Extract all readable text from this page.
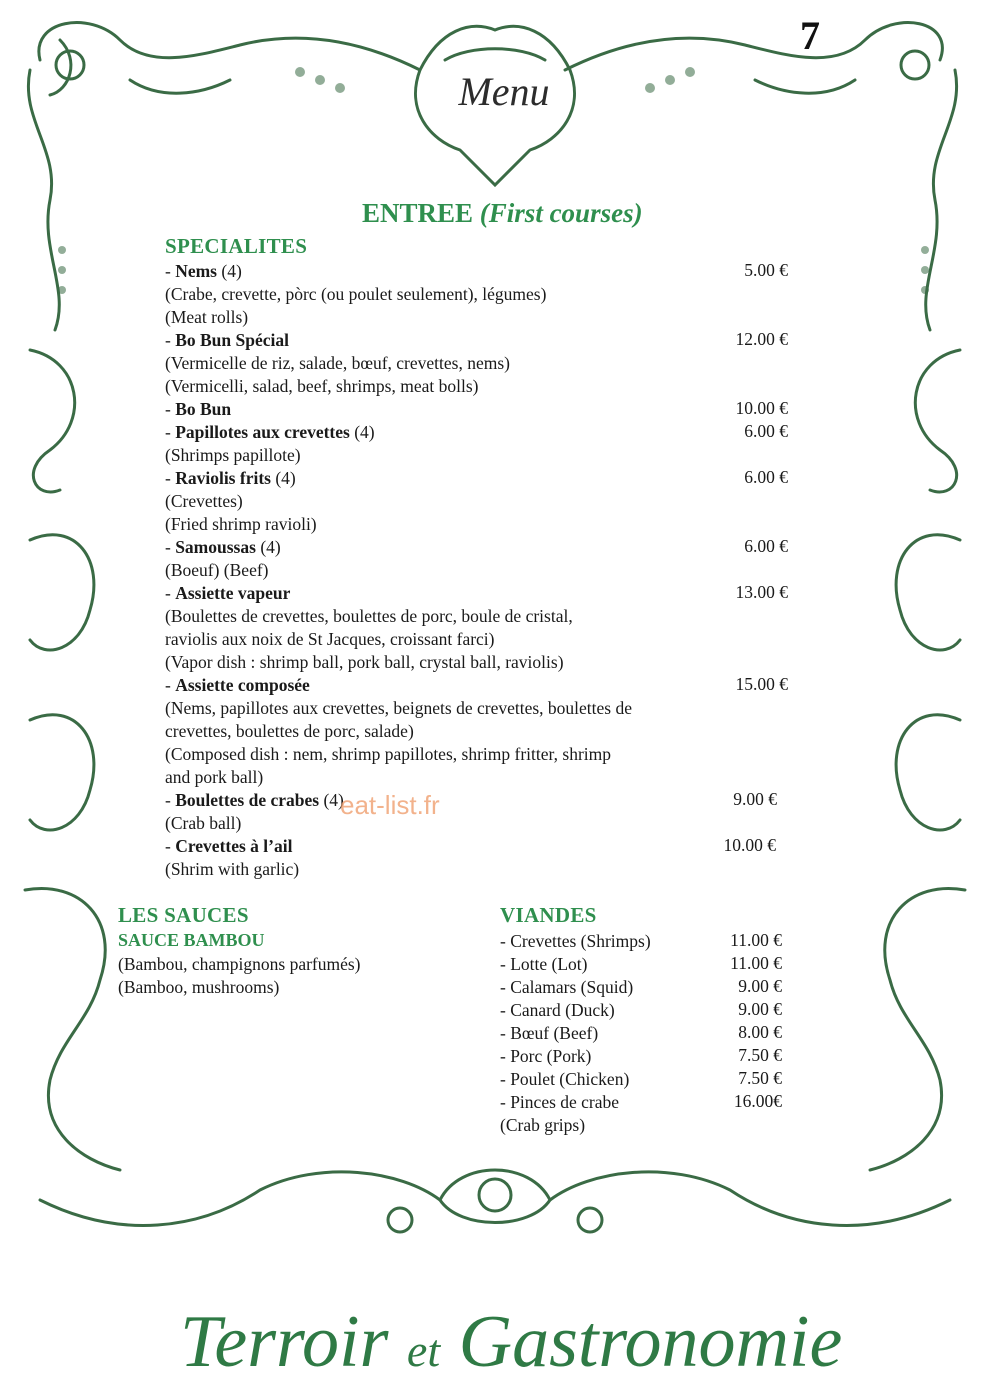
7
Menu
ENTREE (First courses)
SPECIALITES
- Nems (4)	5.00 €
(Crabe, crevette, pòrc (ou poulet seulement), légumes)
(Meat rolls)
- Bo Bun Spécial	12.00 €
(Vermicelle de riz, salade, bœuf, crevettes, nems)
(Vermicelli, salad, beef, shrimps, meat bolls)
- Bo Bun	10.00 €
- Papillotes aux crevettes (4)	6.00 €
(Shrimps papillote)
- Raviolis frits (4)	6.00 €
(Crevettes)
(Fried shrimp ravioli)
- Samoussas (4)	6.00 €
(Boeuf) (Beef)
- Assiette vapeur	13.00 €
(Boulettes de crevettes, boulettes de porc, boule de cristal,
raviolis aux noix de St Jacques, croissant farci)
(Vapor dish : shrimp ball, pork ball, crystal ball, raviolis)
- Assiette composée	15.00 €
(Nems, papillotes aux crevettes, beignets de crevettes, boulettes de
crevettes, boulettes de porc, salade)
(Composed dish : nem, shrimp papillotes, shrimp fritter, shrimp
and pork ball)
- Boulettes de crabes (4)	9.00 €
(Crab ball)
- Crevettes à l’ail	10.00 €
(Shrim with garlic)
eat-list.fr
LES SAUCES
SAUCE BAMBOU
(Bambou, champignons parfumés)
(Bamboo, mushrooms)
VIANDES
- Crevettes (Shrimps)	11.00 €
- Lotte (Lot)	11.00 €
- Calamars (Squid)	9.00 €
- Canard (Duck)	9.00 €
- Bœuf (Beef)	8.00 €
- Porc (Pork)	7.50 €
- Poulet (Chicken)	7.50 €
- Pinces de crabe	16.00€
(Crab grips)
Terroir et Gastronomie
